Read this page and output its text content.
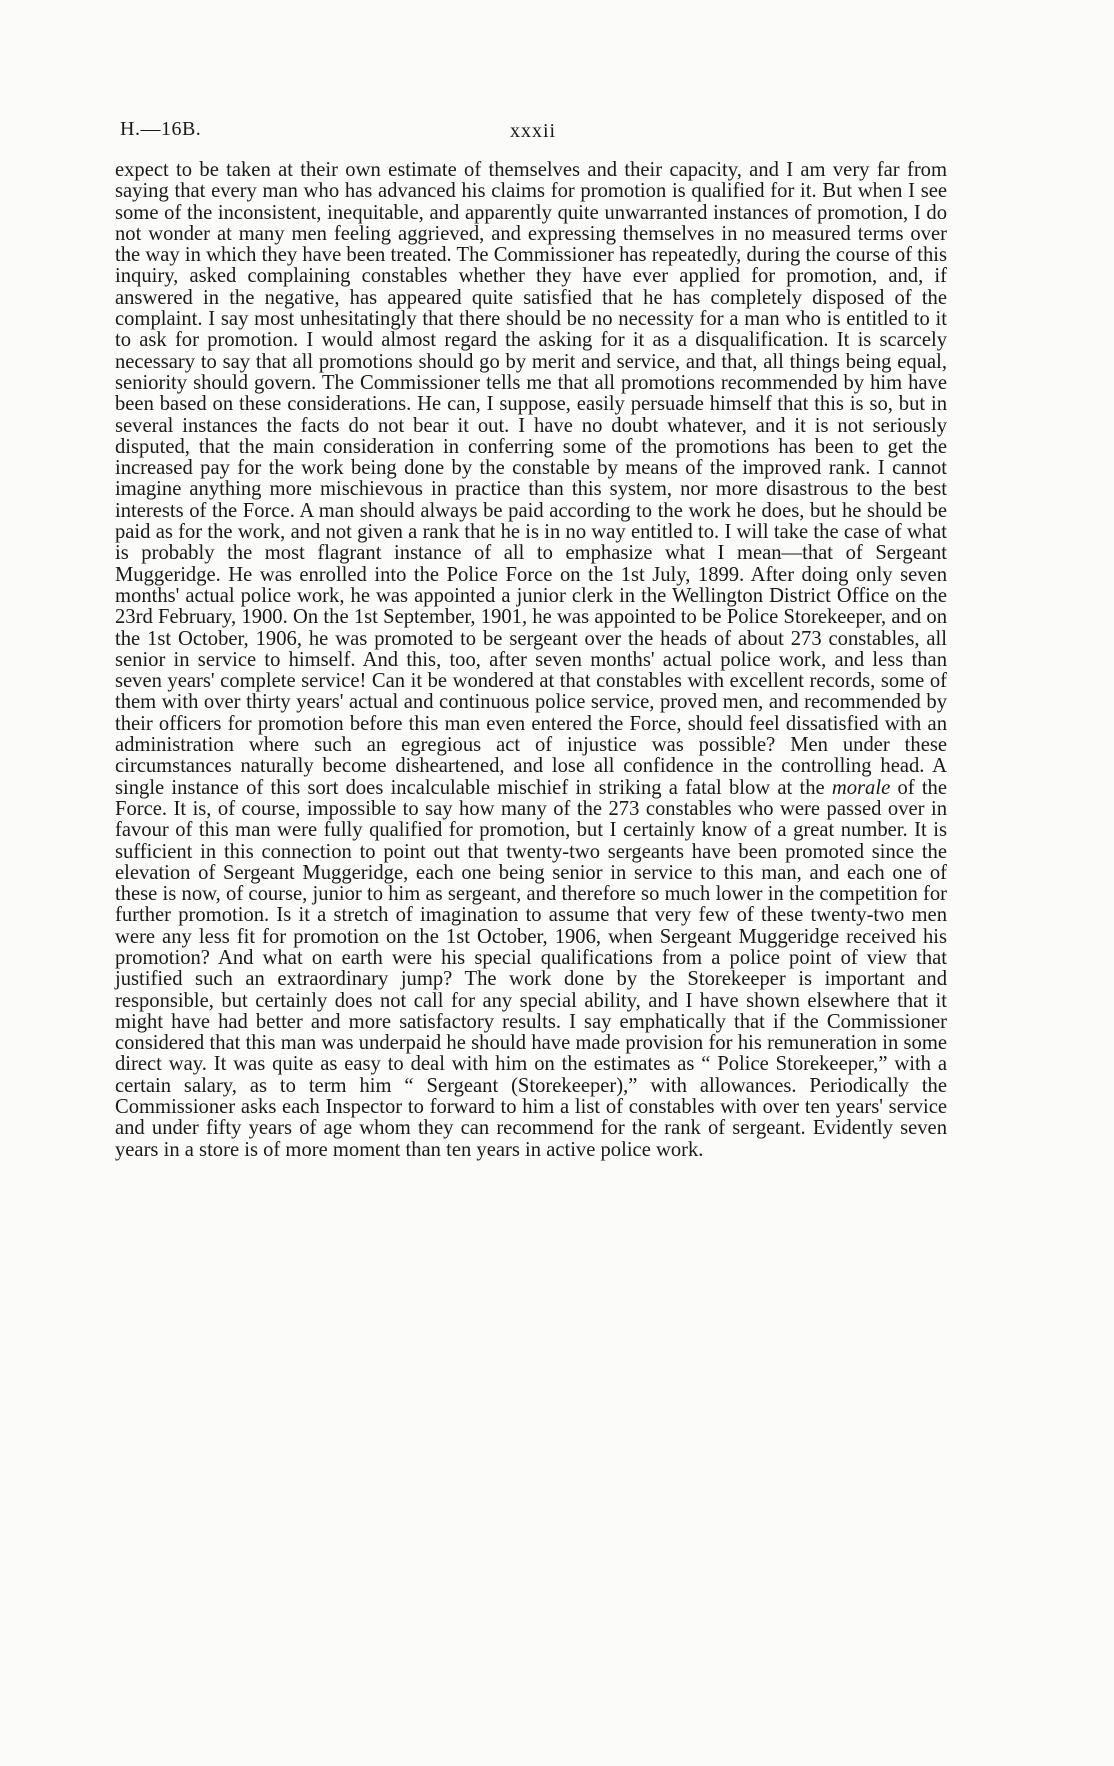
H.—16B.	xxxii

expect to be taken at their own estimate of themselves and their capacity, and I am very far from saying that every man who has advanced his claims for promotion is qualified for it. But when I see some of the inconsistent, inequitable, and apparently quite unwarranted instances of promotion, I do not wonder at many men feeling aggrieved, and expressing themselves in no measured terms over the way in which they have been treated. The Commissioner has repeatedly, during the course of this inquiry, asked complaining constables whether they have ever applied for promotion, and, if answered in the negative, has appeared quite satisfied that he has completely disposed of the complaint. I say most unhesitatingly that there should be no necessity for a man who is entitled to it to ask for promotion. I would almost regard the asking for it as a disqualification. It is scarcely necessary to say that all promotions should go by merit and service, and that, all things being equal, seniority should govern. The Commissioner tells me that all promotions recommended by him have been based on these considerations. He can, I suppose, easily persuade himself that this is so, but in several instances the facts do not bear it out. I have no doubt whatever, and it is not seriously disputed, that the main consideration in conferring some of the promotions has been to get the increased pay for the work being done by the constable by means of the improved rank. I cannot imagine anything more mischievous in practice than this system, nor more disastrous to the best interests of the Force. A man should always be paid according to the work he does, but he should be paid as for the work, and not given a rank that he is in no way entitled to. I will take the case of what is probably the most flagrant instance of all to emphasize what I mean—that of Sergeant Muggeridge. He was enrolled into the Police Force on the 1st July, 1899. After doing only seven months' actual police work, he was appointed a junior clerk in the Wellington District Office on the 23rd February, 1900. On the 1st September, 1901, he was appointed to be Police Storekeeper, and on the 1st October, 1906, he was promoted to be sergeant over the heads of about 273 constables, all senior in service to himself. And this, too, after seven months' actual police work, and less than seven years' complete service! Can it be wondered at that constables with excellent records, some of them with over thirty years' actual and continuous police service, proved men, and recommended by their officers for promotion before this man even entered the Force, should feel dissatisfied with an administration where such an egregious act of injustice was possible? Men under these circumstances naturally become disheartened, and lose all confidence in the controlling head. A single instance of this sort does incalculable mischief in striking a fatal blow at the morale of the Force. It is, of course, impossible to say how many of the 273 constables who were passed over in favour of this man were fully qualified for promotion, but I certainly know of a great number. It is sufficient in this connection to point out that twenty-two sergeants have been promoted since the elevation of Sergeant Muggeridge, each one being senior in service to this man, and each one of these is now, of course, junior to him as sergeant, and therefore so much lower in the competition for further promotion. Is it a stretch of imagination to assume that very few of these twenty-two men were any less fit for promotion on the 1st October, 1906, when Sergeant Muggeridge received his promotion? And what on earth were his special qualifications from a police point of view that justified such an extraordinary jump? The work done by the Storekeeper is important and responsible, but certainly does not call for any special ability, and I have shown elsewhere that it might have had better and more satisfactory results. I say emphatically that if the Commissioner considered that this man was underpaid he should have made provision for his remuneration in some direct way. It was quite as easy to deal with him on the estimates as “ Police Storekeeper,” with a certain salary, as to term him “ Sergeant (Storekeeper),” with allowances. Periodically the Commissioner asks each Inspector to forward to him a list of constables with over ten years' service and under fifty years of age whom they can recommend for the rank of sergeant. Evidently seven years in a store is of more moment than ten years in active police work.
